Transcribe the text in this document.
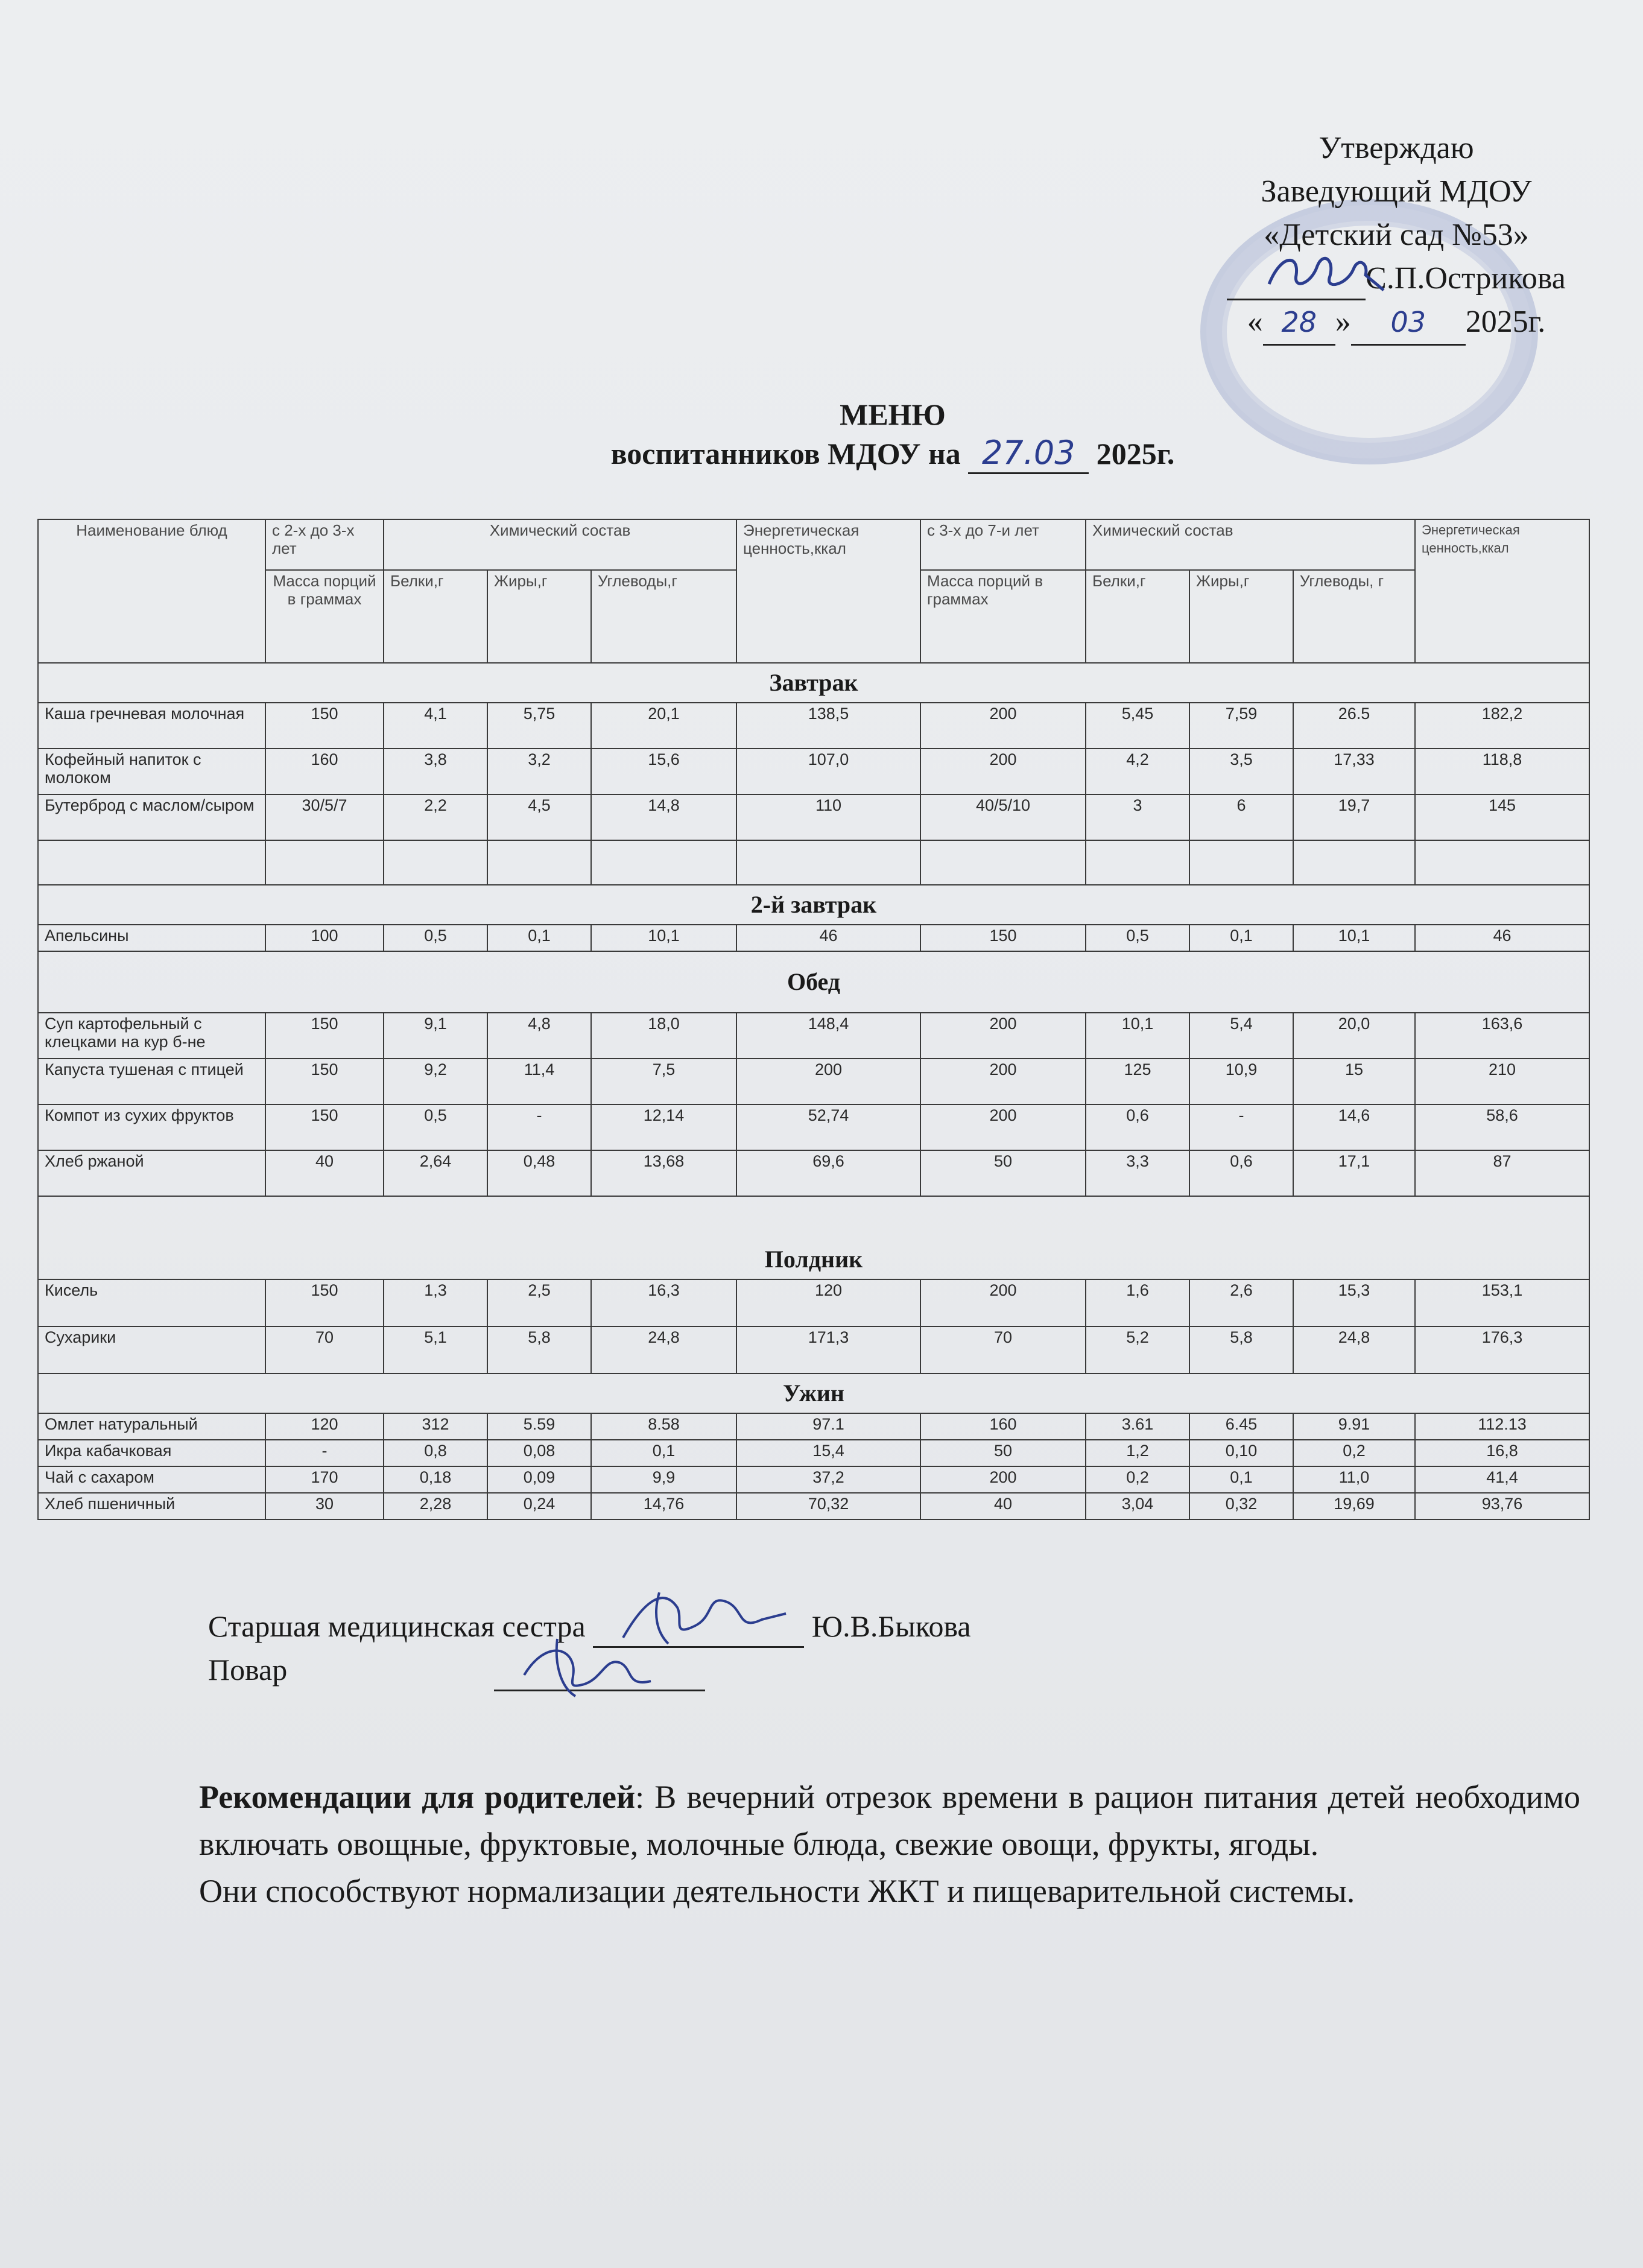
Утверждаю
Заведующий МДОУ
«Детский сад №53»
С.П.Острикова
« 28 » 03 2025г.
МЕНЮ
воспитанников МДОУ на 27.03 2025г.
Наименование блюд	с 2-х до 3-х лет	Химический состав			Энергетическая ценность,ккал	с 3-х до 7-и лет	Химический состав			Энергетическая ценность,ккал
	Масса порций в граммах	Белки,г	Жиры,г	Углеводы,г		Масса порций в граммах	Белки,г	Жиры,г	Углеводы, г	
Завтрак										
Каша гречневая молочная	150	4,1	5,75	20,1	138,5	200	5,45	7,59	26.5	182,2
Кофейный напиток с молоком	160	3,8	3,2	15,6	107,0	200	4,2	3,5	17,33	118,8
Бутерброд с маслом/сыром	30/5/7	2,2	4,5	14,8	110	40/5/10	3	6	19,7	145

2-й завтрак										
Апельсины	100	0,5	0,1	10,1	46	150	0,5	0,1	10,1	46
Обед										
Суп картофельный с клецками на кур б-не	150	9,1	4,8	18,0	148,4	200	10,1	5,4	20,0	163,6
Капуста тушеная с птицей	150	9,2	11,4	7,5	200	200	125	10,9	15	210
Компот из сухих фруктов	150	0,5	-	12,14	52,74	200	0,6	-	14,6	58,6
Хлеб ржаной	40	2,64	0,48	13,68	69,6	50	3,3	0,6	17,1	87
Полдник										
Кисель	150	1,3	2,5	16,3	120	200	1,6	2,6	15,3	153,1
Сухарики	70	5,1	5,8	24,8	171,3	70	5,2	5,8	24,8	176,3
Ужин										
Омлет натуральный	120	312	5.59	8.58	97.1	160	3.61	6.45	9.91	112.13
Икра кабачковая	-	0,8	0,08	0,1	15,4	50	1,2	0,10	0,2	16,8
Чай с сахаром	170	0,18	0,09	9,9	37,2	200	0,2	0,1	11,0	41,4
Хлеб пшеничный	30	2,28	0,24	14,76	70,32	40	3,04	0,32	19,69	93,76
Старшая медицинская сестра	Ю.В.Быкова
Повар

Рекомендации для родителей: В вечерний отрезок времени в рацион питания детей необходимо включать овощные, фруктовые, молочные блюда, свежие овощи, фрукты, ягоды.

Они способствуют нормализации деятельности ЖКТ и пищеварительной системы.
